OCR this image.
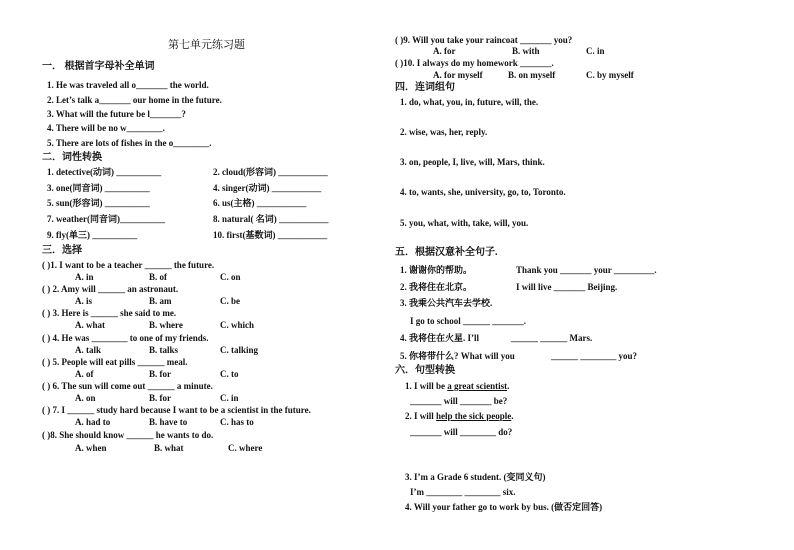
第七单元练习题
一． 根据首字母补全单词
1. He was traveled all o_______ the world.
2. Let’s talk a_______ our home in the future.
3. What will the future be l_______?
4. There will be no w________.
5. There are lots of fishes in the o________.
二．词性转换
1. detective(动词) __________	2. cloud(形容词) ___________
3. one(同音词) __________	4. singer(动词) ___________
5. sun(形容词) __________	6. us(主格) ___________
7. weather(同音词)__________	8. natural( 名词) ___________
9. fly(单三) __________	10. first(基数词) ___________
三．选择
( )1. I want to be a teacher ______ the future.
A. in	B. of	C. on
( ) 2. Amy will ______ an astronaut.
A. is	B. am	C. be
( ) 3. Here is ______ she said to me.
A. what	B. where	C. which
( ) 4. He was ________ to one of my friends.
A. talk	B. talks	C. talking
( ) 5. People will eat pills ______ meal.
A. of	B. for	C. to
( ) 6. The sun will come out ______ a minute.
A. on	B. for	C. in
( ) 7. I ______ study hard because I want to be a scientist in the future.
A. had to	B. have to	C. has to
( )8. She should know ______ he wants to do.
A. when	B. what	C. where
( )9. Will you take your raincoat _______ you?
A. for	B. with	C. in
( )10. I always do my homework _______.
A. for myself	B. on myself	C. by myself
四．连词组句
1. do, what, you, in, future, will, the.
2. wise, was, her, reply.
3. on, people, I, live, will, Mars, think.
4. to, wants, she, university, go, to, Toronto.
5. you, what, with, take, will, you.
五．根据汉意补全句子.
1. 谢谢你的帮助。	Thank you _______ your _________.
2. 我将住在北京。	I will live _______ Beijing.
3. 我乘公共汽车去学校.
I go to school ______ _______.
4. 我将住在火星. I’ll	______ ______ Mars.
5. 你将带什么? What will you	______ ________ you?
六．句型转换
1. I will be a great scientist.
_______ will _______ be?
2. I will help the sick people.
_______ will ________ do?
3. I’m a Grade 6 student. (变同义句)
I’m ________ ________ six.
4. Will your father go to work by bus. (做否定回答)
